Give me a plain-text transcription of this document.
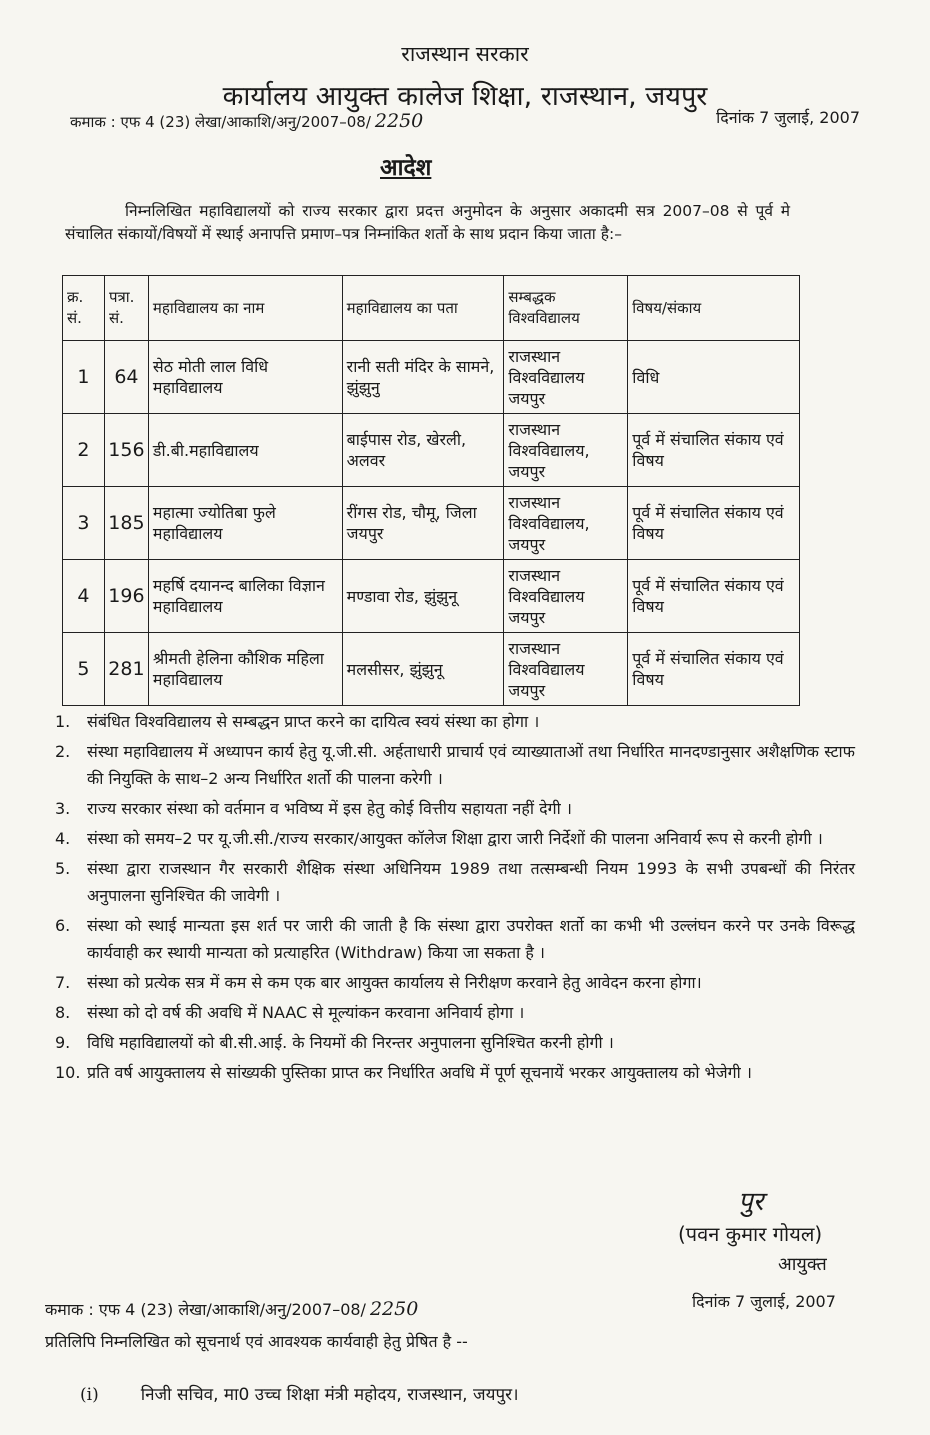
राजस्थान सरकार
कार्यालय आयुक्त कालेज शिक्षा, राजस्थान, जयपुर
कमाक : एफ 4 (23) लेखा/आकाशि/अनु/2007–08/ 2250	दिनांक 7 जुलाई, 2007
आदेश
निम्नलिखित महाविद्यालयों को राज्य सरकार द्वारा प्रदत्त अनुमोदन के अनुसार अकादमी सत्र 2007–08 से पूर्व मे संचालित संकायों/विषयों में स्थाई अनापत्ति प्रमाण–पत्र निम्नांकित शर्तो के साथ प्रदान किया जाता है:–
क्र. सं.	पत्रा. सं.	महाविद्यालय का नाम	महाविद्यालय का पता	सम्बद्धक विश्वविद्यालय	विषय/संकाय
1	64	सेठ मोती लाल विधि महाविद्यालय	रानी सती मंदिर के सामने, झुंझुनु	राजस्थान विश्वविद्यालय जयपुर	विधि
2	156	डी.बी.महाविद्यालय	बाईपास रोड, खेरली, अलवर	राजस्थान विश्वविद्यालय, जयपुर	पूर्व में संचालित संकाय एवं विषय
3	185	महात्मा ज्योतिबा फुले महाविद्यालय	रींगस रोड, चौमू, जिला जयपुर	राजस्थान विश्वविद्यालय, जयपुर	पूर्व में संचालित संकाय एवं विषय
4	196	महर्षि दयानन्द बालिका विज्ञान महाविद्यालय	मण्डावा रोड, झुंझुनू	राजस्थान विश्वविद्यालय जयपुर	पूर्व में संचालित संकाय एवं विषय
5	281	श्रीमती हेलिना कौशिक महिला महाविद्यालय	मलसीसर, झुंझुनू	राजस्थान विश्वविद्यालय जयपुर	पूर्व में संचालित संकाय एवं विषय
1. संबंधित विश्वविद्यालय से सम्बद्धन प्राप्त करने का दायित्व स्वयं संस्था का होगा ।
2. संस्था महाविद्यालय में अध्यापन कार्य हेतु यू.जी.सी. अर्हताधारी प्राचार्य एवं व्याख्याताओं तथा निर्धारित मानदण्डानुसार अशैक्षणिक स्टाफ की नियुक्ति के साथ–2 अन्य निर्धारित शर्तो की पालना करेगी ।
3. राज्य सरकार संस्था को वर्तमान व भविष्य में इस हेतु कोई वित्तीय सहायता नहीं देगी ।
4. संस्था को समय–2 पर यू.जी.सी./राज्य सरकार/आयुक्त कॉलेज शिक्षा द्वारा जारी निर्देशों की पालना अनिवार्य रूप से करनी होगी ।
5. संस्था द्वारा राजस्थान गैर सरकारी शैक्षिक संस्था अधिनियम 1989 तथा तत्सम्बन्धी नियम 1993 के सभी उपबन्धों की निरंतर अनुपालना सुनिश्चित की जावेगी ।
6. संस्था को स्थाई मान्यता इस शर्त पर जारी की जाती है कि संस्था द्वारा उपरोक्त शर्तो का कभी भी उल्लंघन करने पर उनके विरूद्ध कार्यवाही कर स्थायी मान्यता को प्रत्याहरित (Withdraw) किया जा सकता है ।
7. संस्था को प्रत्येक सत्र में कम से कम एक बार आयुक्त कार्यालय से निरीक्षण करवाने हेतु आवेदन करना होगा।
8. संस्था को दो वर्ष की अवधि में NAAC से मूल्यांकन करवाना अनिवार्य होगा ।
9. विधि महाविद्यालयों को बी.सी.आई. के नियमों की निरन्तर अनुपालना सुनिश्चित करनी होगी ।
10. प्रति वर्ष आयुक्तालय से सांख्यकी पुस्तिका प्राप्त कर निर्धारित अवधि में पूर्ण सूचनायें भरकर आयुक्तालय को भेजेगी ।
पुर
(पवन कुमार गोयल)
आयुक्त
दिनांक 7 जुलाई, 2007
कमाक : एफ 4 (23) लेखा/आकाशि/अनु/2007–08/ 2250
प्रतिलिपि निम्नलिखित को सूचनार्थ एवं आवश्यक कार्यवाही हेतु प्रेषित है --
(i) निजी सचिव, मा0 उच्च शिक्षा मंत्री महोदय, राजस्थान, जयपुर।
